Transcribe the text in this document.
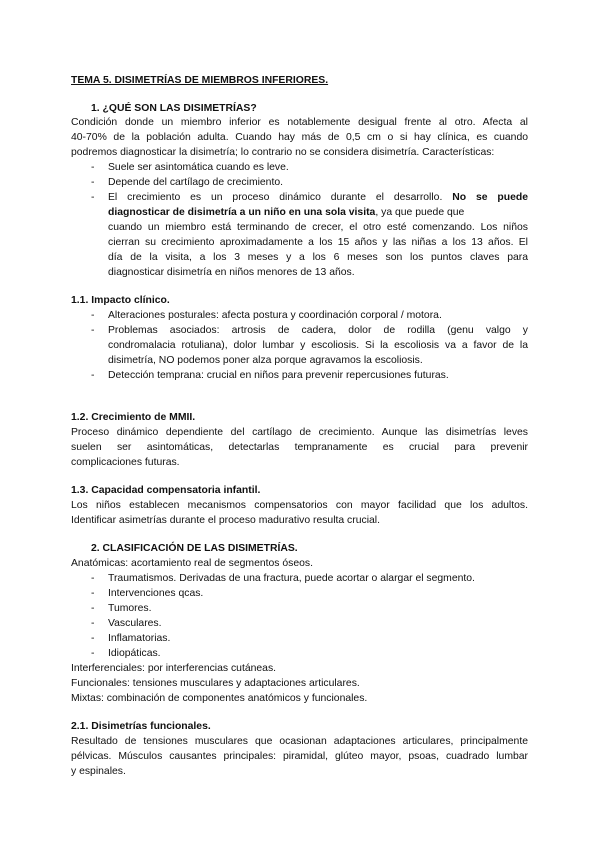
TEMA 5. DISIMETRÍAS DE MIEMBROS INFERIORES.
1. ¿QUÉ SON LAS DISIMETRÍAS?
Condición donde un miembro inferior es notablemente desigual frente al otro. Afecta al
40-70% de la población adulta. Cuando hay más de 0,5 cm o si hay clínica, es cuando
podremos diagnosticar la disimetría; lo contrario no se considera disimetría. Características:
- Suele ser asintomática cuando es leve.
- Depende del cartílago de crecimiento.
- El crecimiento es un proceso dinámico durante el desarrollo. No se puede
diagnosticar de disimetría a un niño en una sola visita, ya que puede que
cuando un miembro está terminando de crecer, el otro esté comenzando. Los niños
cierran su crecimiento aproximadamente a los 15 años y las niñas a los 13 años. El
día de la visita, a los 3 meses y a los 6 meses son los puntos claves para
diagnosticar disimetría en niños menores de 13 años.
1.1. Impacto clínico.
- Alteraciones posturales: afecta postura y coordinación corporal / motora.
- Problemas asociados: artrosis de cadera, dolor de rodilla (genu valgo y
condromalacia rotuliana), dolor lumbar y escoliosis. Si la escoliosis va a favor de la
disimetría, NO podemos poner alza porque agravamos la escoliosis.
- Detección temprana: crucial en niños para prevenir repercusiones futuras.
1.2. Crecimiento de MMII.
Proceso dinámico dependiente del cartílago de crecimiento. Aunque las disimetrías leves
suelen ser asintomáticas, detectarlas tempranamente es crucial para prevenir
complicaciones futuras.
1.3. Capacidad compensatoria infantil.
Los niños establecen mecanismos compensatorios con mayor facilidad que los adultos.
Identificar asimetrías durante el proceso madurativo resulta crucial.
2. CLASIFICACIÓN DE LAS DISIMETRÍAS.
Anatómicas: acortamiento real de segmentos óseos.
- Traumatismos. Derivadas de una fractura, puede acortar o alargar el segmento.
- Intervenciones qcas.
- Tumores.
- Vasculares.
- Inflamatorias.
- Idiopáticas.
Interferenciales: por interferencias cutáneas.
Funcionales: tensiones musculares y adaptaciones articulares.
Mixtas: combinación de componentes anatómicos y funcionales.
2.1. Disimetrías funcionales.
Resultado de tensiones musculares que ocasionan adaptaciones articulares, principalmente
pélvicas. Músculos causantes principales: piramidal, glúteo mayor, psoas, cuadrado lumbar
y espinales.
